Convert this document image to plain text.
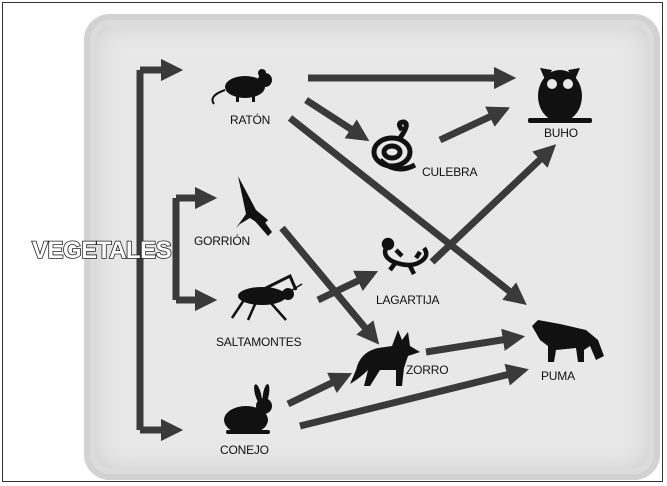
VEGETALES
RATÓN
CULEBRA
BUHO
GORRIÓN
SALTAMONTES
LAGARTIJA
ZORRO	PUMA
CONEJO
